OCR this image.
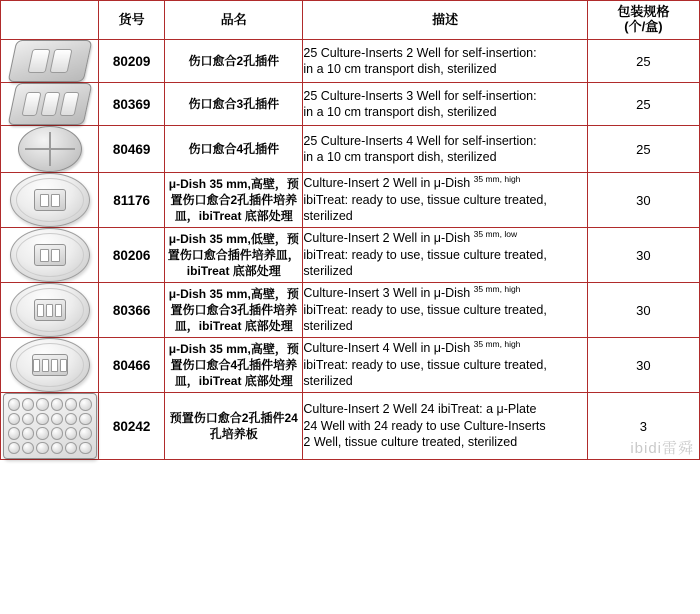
	货号	品名	描述	包装规格
(个/盒)

	80209	伤口愈合2孔插件	25 Culture-Inserts 2 Well for self-insertion:
in a 10 cm transport dish, sterilized	25

	80369	伤口愈合3孔插件	25 Culture-Inserts 3 Well for self-insertion:
in a 10 cm transport dish, sterilized	25

	80469	伤口愈合4孔插件	25 Culture-Inserts 4 Well for self-insertion:
in a 10 cm transport dish, sterilized	25

	81176	μ-Dish 35 mm,高壁，预置伤口愈合2孔插件培养皿，ibiTreat 底部处理	Culture-Insert 2 Well in μ-Dish $^{35 mm, high}$
ibiTreat: ready to use, tissue culture treated,
sterilized	30

	80206	μ-Dish 35 mm,低壁，预置伤口愈合插件培养皿，ibiTreat 底部处理	Culture-Insert 2 Well in μ-Dish $^{35 mm, low}$
ibiTreat: ready to use, tissue culture treated,
sterilized	30

	80366	μ-Dish 35 mm,高壁，预置伤口愈合3孔插件培养皿，ibiTreat 底部处理	Culture-Insert 3 Well in μ-Dish $^{35 mm, high}$
ibiTreat: ready to use, tissue culture treated,
sterilized	30

	80466	μ-Dish 35 mm,高壁，预置伤口愈合4孔插件培养皿，ibiTreat 底部处理	Culture-Insert 4 Well in μ-Dish $^{35 mm, high}$
ibiTreat: ready to use, tissue culture treated,
sterilized	30

	80242	预置伤口愈合2孔插件24孔培养板	Culture-Insert 2 Well 24 ibiTreat: a μ-Plate
24 Well with 24 ready to use Culture-Inserts
2 Well, tissue culture treated, sterilized	3
ibidi雷舜
